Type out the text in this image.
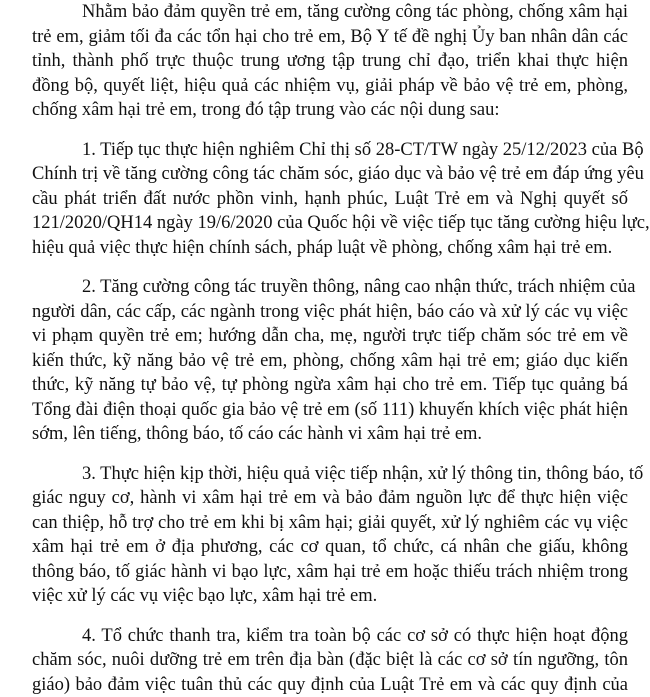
Nhằm bảo đảm quyền trẻ em, tăng cường công tác phòng, chống xâm hại
trẻ em, giảm tối đa các tổn hại cho trẻ em, Bộ Y tế đề nghị Ủy ban nhân dân các
tỉnh, thành phố trực thuộc trung ương tập trung chỉ đạo, triển khai thực hiện
đồng bộ, quyết liệt, hiệu quả các nhiệm vụ, giải pháp về bảo vệ trẻ em, phòng,
chống xâm hại trẻ em, trong đó tập trung vào các nội dung sau:
1. Tiếp tục thực hiện nghiêm Chỉ thị số 28-CT/TW ngày 25/12/2023 của Bộ
Chính trị về tăng cường công tác chăm sóc, giáo dục và bảo vệ trẻ em đáp ứng yêu
cầu phát triển đất nước phồn vinh, hạnh phúc, Luật Trẻ em và Nghị quyết số
121/2020/QH14 ngày 19/6/2020 của Quốc hội về việc tiếp tục tăng cường hiệu lực,
hiệu quả việc thực hiện chính sách, pháp luật về phòng, chống xâm hại trẻ em.
2. Tăng cường công tác truyền thông, nâng cao nhận thức, trách nhiệm của
người dân, các cấp, các ngành trong việc phát hiện, báo cáo và xử lý các vụ việc
vi phạm quyền trẻ em; hướng dẫn cha, mẹ, người trực tiếp chăm sóc trẻ em về
kiến thức, kỹ năng bảo vệ trẻ em, phòng, chống xâm hại trẻ em; giáo dục kiến
thức, kỹ năng tự bảo vệ, tự phòng ngừa xâm hại cho trẻ em. Tiếp tục quảng bá
Tổng đài điện thoại quốc gia bảo vệ trẻ em (số 111) khuyến khích việc phát hiện
sớm, lên tiếng, thông báo, tố cáo các hành vi xâm hại trẻ em.
3. Thực hiện kịp thời, hiệu quả việc tiếp nhận, xử lý thông tin, thông báo, tố
giác nguy cơ, hành vi xâm hại trẻ em và bảo đảm nguồn lực để thực hiện việc
can thiệp, hỗ trợ cho trẻ em khi bị xâm hại; giải quyết, xử lý nghiêm các vụ việc
xâm hại trẻ em ở địa phương, các cơ quan, tổ chức, cá nhân che giấu, không
thông báo, tố giác hành vi bạo lực, xâm hại trẻ em hoặc thiếu trách nhiệm trong
việc xử lý các vụ việc bạo lực, xâm hại trẻ em.
4. Tổ chức thanh tra, kiểm tra toàn bộ các cơ sở có thực hiện hoạt động
chăm sóc, nuôi dưỡng trẻ em trên địa bàn (đặc biệt là các cơ sở tín ngưỡng, tôn
giáo) bảo đảm việc tuân thủ các quy định của Luật Trẻ em và các quy định của
